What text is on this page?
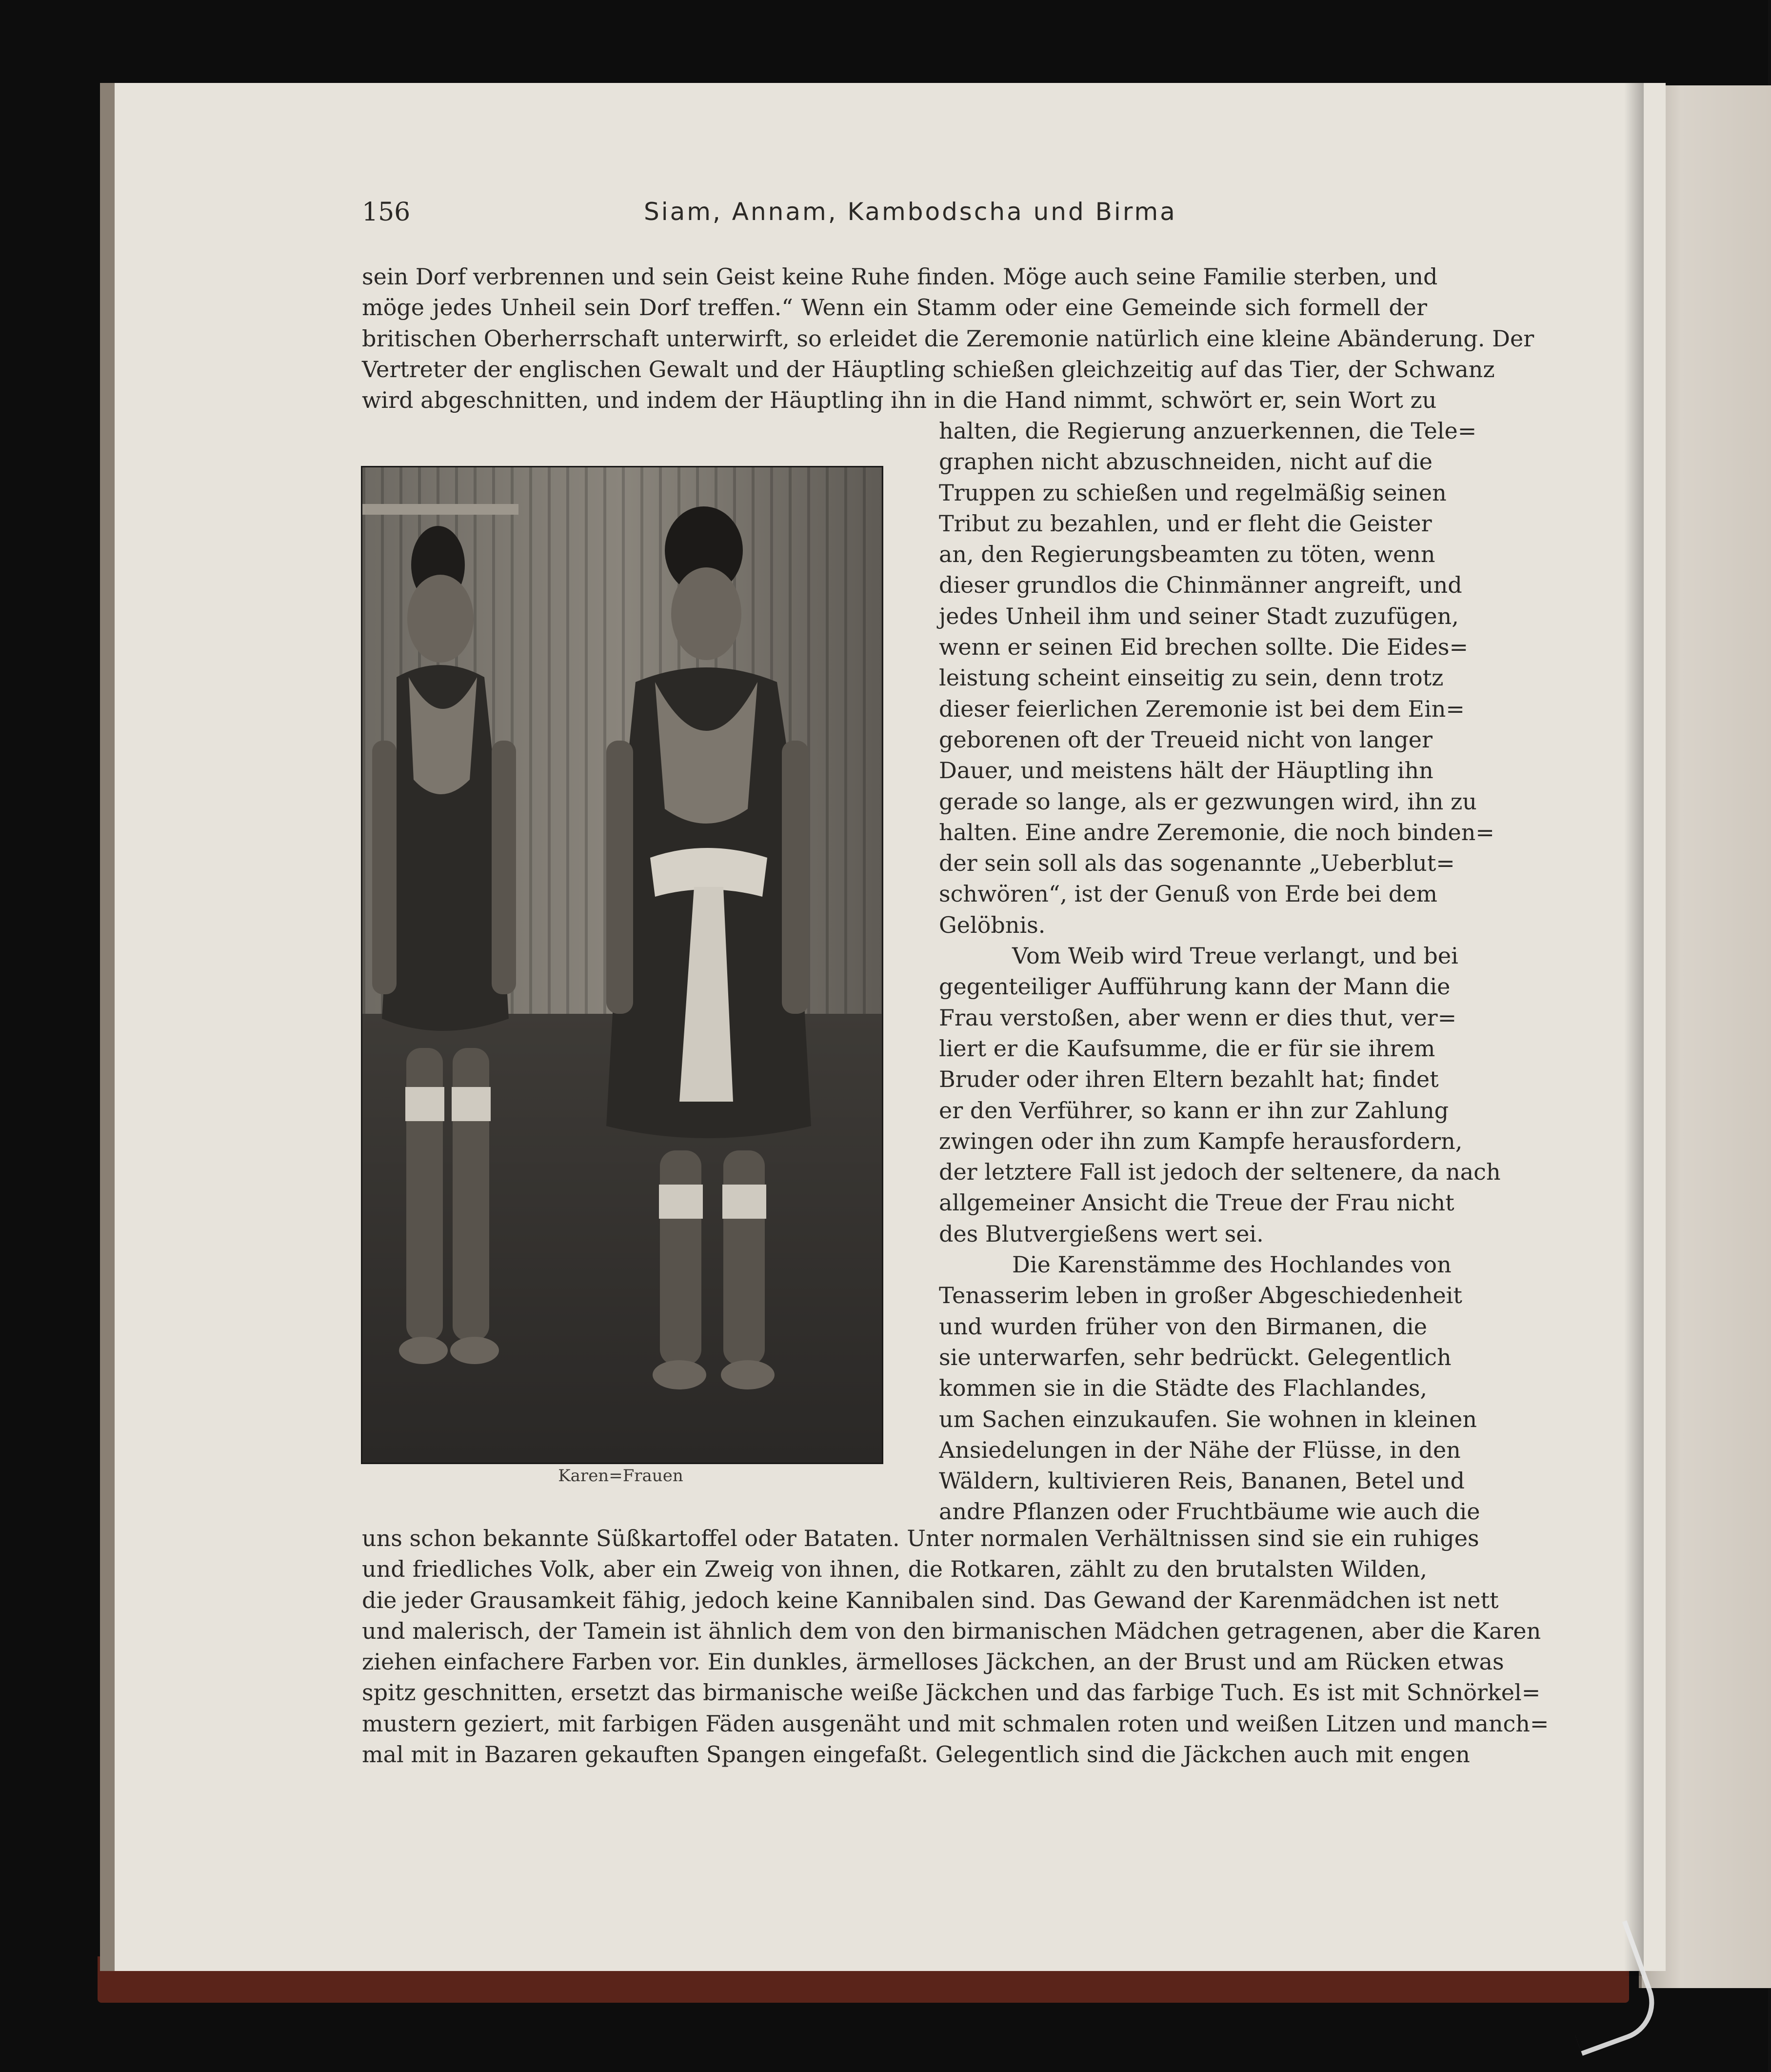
156	Siam, Annam, Kambodscha und Birma
sein Dorf verbrennen und sein Geist keine Ruhe finden. Möge auch seine Familie sterben, und
möge jedes Unheil sein Dorf treffen.“ Wenn ein Stamm oder eine Gemeinde sich formell der
britischen Oberherrschaft unterwirft, so erleidet die Zeremonie natürlich eine kleine Abänderung. Der
Vertreter der englischen Gewalt und der Häuptling schießen gleichzeitig auf das Tier, der Schwanz
wird abgeschnitten, und indem der Häuptling ihn in die Hand nimmt, schwört er, sein Wort zu
Karen=Frauen
halten, die Regierung anzuerkennen, die Tele=
graphen nicht abzuschneiden, nicht auf die
Truppen zu schießen und regelmäßig seinen
Tribut zu bezahlen, und er fleht die Geister
an, den Regierungsbeamten zu töten, wenn
dieser grundlos die Chinmänner angreift, und
jedes Unheil ihm und seiner Stadt zuzufügen,
wenn er seinen Eid brechen sollte. Die Eides=
leistung scheint einseitig zu sein, denn trotz
dieser feierlichen Zeremonie ist bei dem Ein=
geborenen oft der Treueid nicht von langer
Dauer, und meistens hält der Häuptling ihn
gerade so lange, als er gezwungen wird, ihn zu
halten. Eine andre Zeremonie, die noch binden=
der sein soll als das sogenannte „Ueberblut=
schwören“, ist der Genuß von Erde bei dem
Gelöbnis.
Vom Weib wird Treue verlangt, und bei
gegenteiliger Aufführung kann der Mann die
Frau verstoßen, aber wenn er dies thut, ver=
liert er die Kaufsumme, die er für sie ihrem
Bruder oder ihren Eltern bezahlt hat; findet
er den Verführer, so kann er ihn zur Zahlung
zwingen oder ihn zum Kampfe herausfordern,
der letztere Fall ist jedoch der seltenere, da nach
allgemeiner Ansicht die Treue der Frau nicht
des Blutvergießens wert sei.
Die Karenstämme des Hochlandes von
Tenasserim leben in großer Abgeschiedenheit
und wurden früher von den Birmanen, die
sie unterwarfen, sehr bedrückt. Gelegentlich
kommen sie in die Städte des Flachlandes,
um Sachen einzukaufen. Sie wohnen in kleinen
Ansiedelungen in der Nähe der Flüsse, in den
Wäldern, kultivieren Reis, Bananen, Betel und
andre Pflanzen oder Fruchtbäume wie auch die
uns schon bekannte Süßkartoffel oder Bataten. Unter normalen Verhältnissen sind sie ein ruhiges
und friedliches Volk, aber ein Zweig von ihnen, die Rotkaren, zählt zu den brutalsten Wilden,
die jeder Grausamkeit fähig, jedoch keine Kannibalen sind. Das Gewand der Karenmädchen ist nett
und malerisch, der Tamein ist ähnlich dem von den birmanischen Mädchen getragenen, aber die Karen
ziehen einfachere Farben vor. Ein dunkles, ärmelloses Jäckchen, an der Brust und am Rücken etwas
spitz geschnitten, ersetzt das birmanische weiße Jäckchen und das farbige Tuch. Es ist mit Schnörkel=
mustern geziert, mit farbigen Fäden ausgenäht und mit schmalen roten und weißen Litzen und manch=
mal mit in Bazaren gekauften Spangen eingefaßt. Gelegentlich sind die Jäckchen auch mit engen
